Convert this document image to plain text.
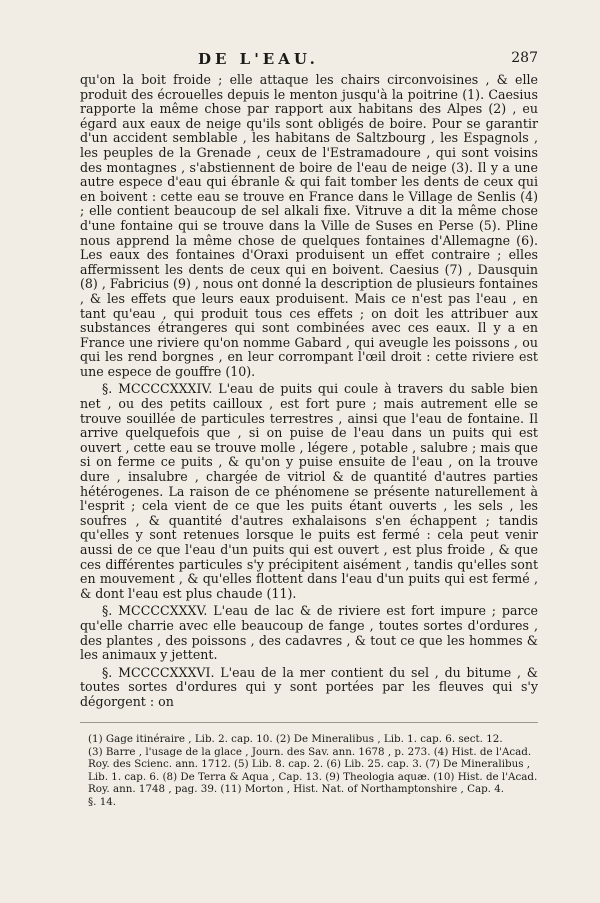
DE L'EAU.	287

qu'on la boit froide ; elle attaque les chairs circonvoisines , & elle produit des écrouelles depuis le menton jusqu'à la poitrine (1). Caesius rapporte la même chose par rapport aux habitans des Alpes (2) , eu égard aux eaux de neige qu'ils sont obligés de boire. Pour se garantir d'un accident semblable , les habitans de Saltzbourg , les Espagnols , les peuples de la Grenade , ceux de l'Estramadoure , qui sont voisins des montagnes , s'abstiennent de boire de l'eau de neige (3). Il y a une autre espece d'eau qui ébranle & qui fait tomber les dents de ceux qui en boivent : cette eau se trouve en France dans le Village de Senlis (4) ; elle contient beaucoup de sel alkali fixe. Vitruve a dit la même chose d'une fontaine qui se trouve dans la Ville de Suses en Perse (5). Pline nous apprend la même chose de quelques fontaines d'Allemagne (6). Les eaux des fontaines d'Oraxi produisent un effet contraire ; elles affermissent les dents de ceux qui en boivent. Caesius (7) , Dausquin (8) , Fabricius (9) , nous ont donné la description de plusieurs fontaines , & les effets que leurs eaux produisent. Mais ce n'est pas l'eau , en tant qu'eau , qui produit tous ces effets ; on doit les attribuer aux substances étrangeres qui sont combinées avec ces eaux. Il y a en France une riviere qu'on nomme Gabard , qui aveugle les poissons , ou qui les rend borgnes , en leur corrompant l'œil droit : cette riviere est une espece de gouffre (10).

§. MCCCCXXXIV. L'eau de puits qui coule à travers du sable bien net , ou des petits cailloux , est fort pure ; mais autrement elle se trouve souillée de particules terrestres , ainsi que l'eau de fontaine. Il arrive quelquefois que , si on puise de l'eau dans un puits qui est ouvert , cette eau se trouve molle , légere , potable , salubre ; mais que si on ferme ce puits , & qu'on y puise ensuite de l'eau , on la trouve dure , insalubre , chargée de vitriol & de quantité d'autres parties hétérogenes. La raison de ce phénomene se présente naturellement à l'esprit ; cela vient de ce que les puits étant ouverts , les sels , les soufres , & quantité d'autres exhalaisons s'en échappent ; tandis qu'elles y sont retenues lorsque le puits est fermé : cela peut venir aussi de ce que l'eau d'un puits qui est ouvert , est plus froide , & que ces différentes particules s'y précipitent aisément , tandis qu'elles sont en mouvement , & qu'elles flottent dans l'eau d'un puits qui est fermé , & dont l'eau est plus chaude (11).

§. MCCCCXXXV. L'eau de lac & de riviere est fort impure ; parce qu'elle charrie avec elle beaucoup de fange , toutes sortes d'ordures , des plantes , des poissons , des cadavres , & tout ce que les hommes & les animaux y jettent.

§. MCCCCXXXVI. L'eau de la mer contient du sel , du bitume , & toutes sortes d'ordures qui y sont portées par les fleuves qui s'y dégorgent : on

(1) Gage itinéraire , Lib. 2. cap. 10. (2) De Mineralibus , Lib. 1. cap. 6. sect. 12.
(3) Barre , l'usage de la glace , Journ. des Sav. ann. 1678 , p. 273. (4) Hist. de l'Acad.
Roy. des Scienc. ann. 1712. (5) Lib. 8. cap. 2. (6) Lib. 25. cap. 3. (7) De Mineralibus ,
Lib. 1. cap. 6. (8) De Terra & Aqua , Cap. 13. (9) Theologia aquæ. (10) Hist. de l'Acad.
Roy. ann. 1748 , pag. 39. (11) Morton , Hist. Nat. of Northamptonshire , Cap. 4.
§. 14.
